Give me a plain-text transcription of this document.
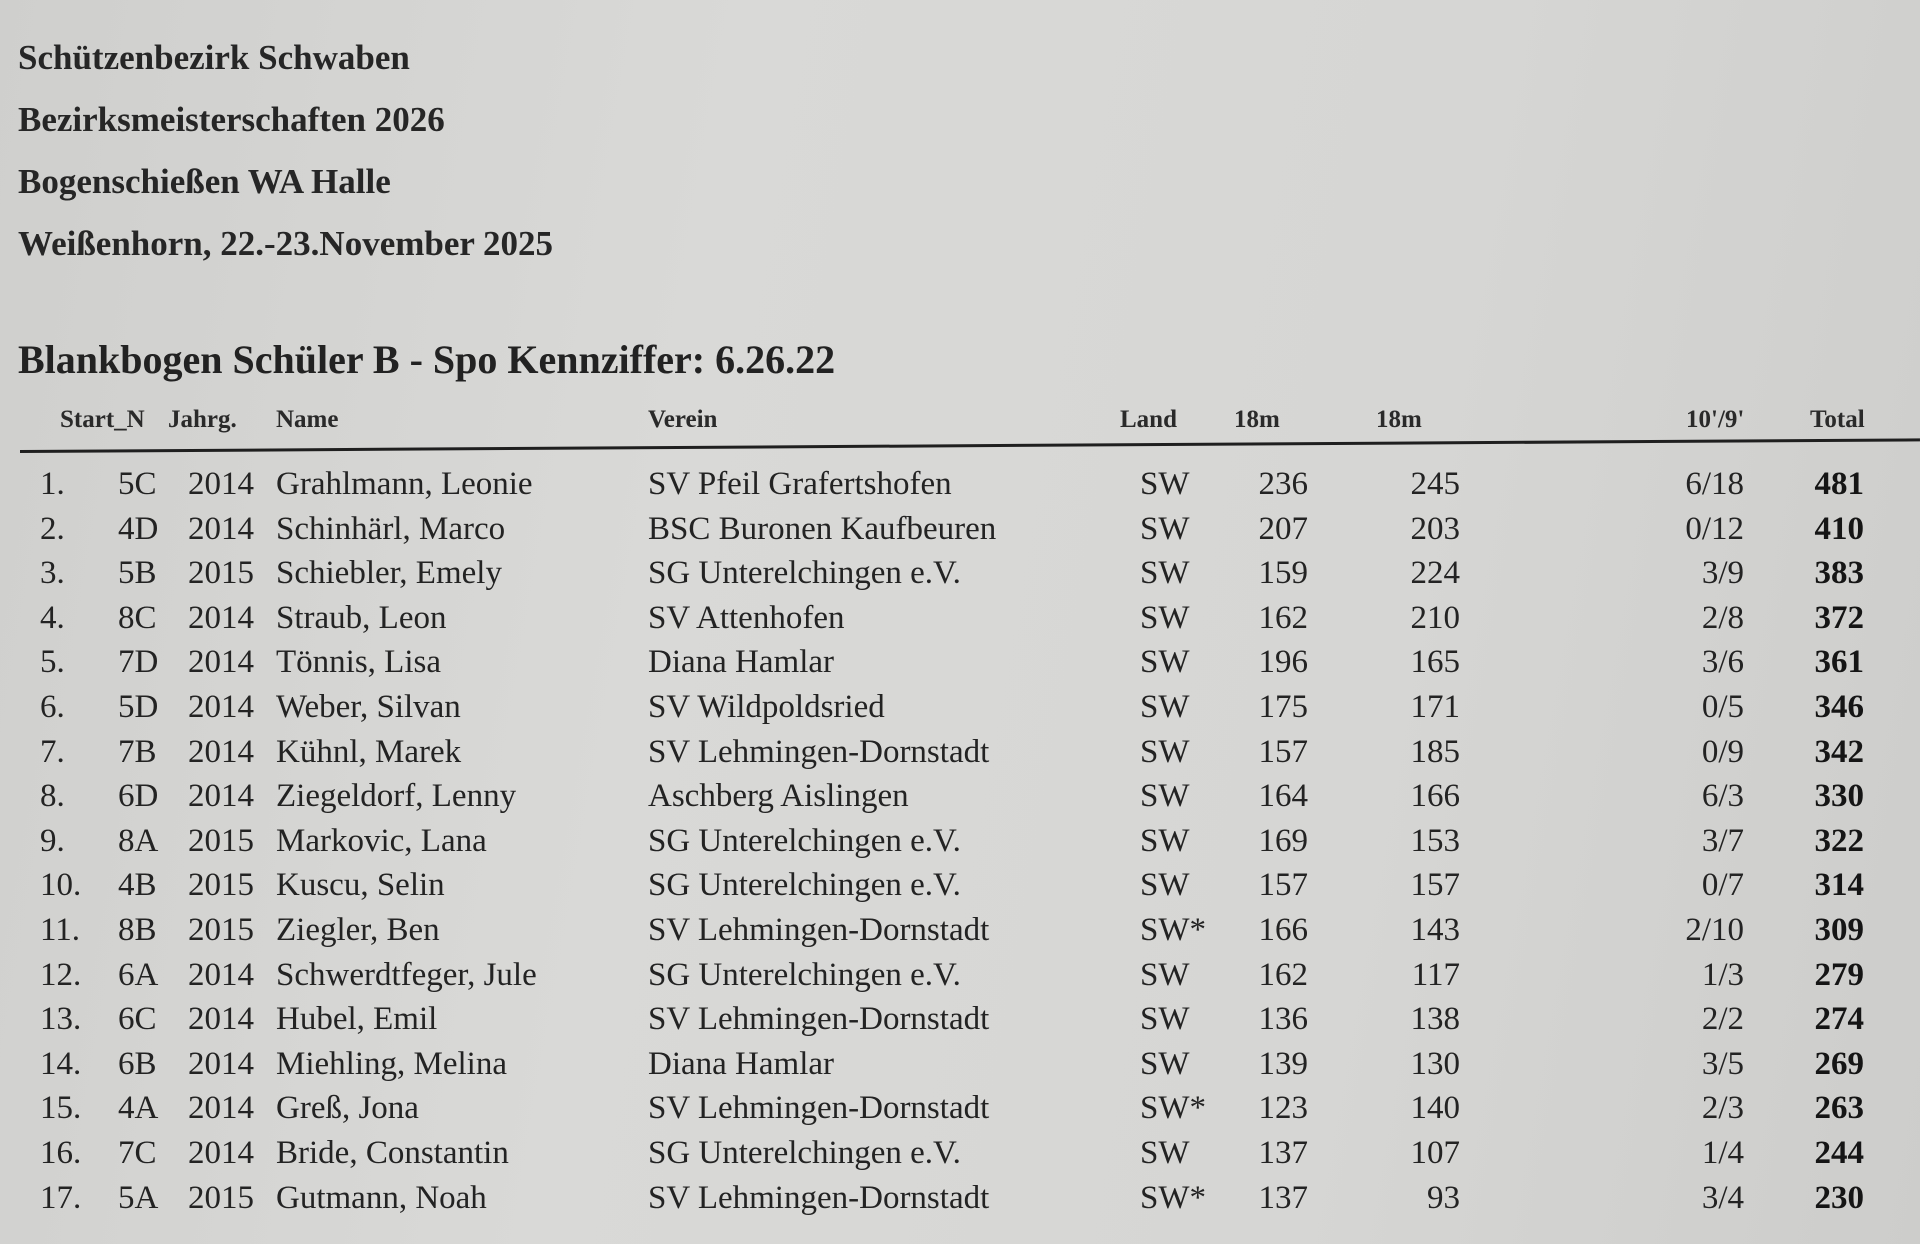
Schützenbezirk Schwaben
Bezirksmeisterschaften 2026
Bogenschießen WA Halle
Weißenhorn, 22.-23.November 2025
Blankbogen Schüler B - Spo Kennziffer: 6.26.22
Start_N Jahrg. Name	Verein	Land 18m	18m	10'/9'	Total
1.	5C 2014 Grahlmann, Leonie	SV Pfeil Grafertshofen	SW	236	245	6/18	481
2.	4D 2014 Schinhärl, Marco	BSC Buronen Kaufbeuren	SW	207	203	0/12	410
3.	5B 2015 Schiebler, Emely	SG Unterelchingen e.V.	SW	159	224	3/9	383
4.	8C 2014 Straub, Leon	SV Attenhofen	SW	162	210	2/8	372
5.	7D 2014 Tönnis, Lisa	Diana Hamlar	SW	196	165	3/6	361
6.	5D 2014 Weber, Silvan	SV Wildpoldsried	SW	175	171	0/5	346
7.	7B 2014 Kühnl, Marek	SV Lehmingen-Dornstadt	SW	157	185	0/9	342
8.	6D 2014 Ziegeldorf, Lenny	Aschberg Aislingen	SW	164	166	6/3	330
9.	8A 2015 Markovic, Lana	SG Unterelchingen e.V.	SW	169	153	3/7	322
10.	4B 2015 Kuscu, Selin	SG Unterelchingen e.V.	SW	157	157	0/7	314
11.	8B 2015 Ziegler, Ben	SV Lehmingen-Dornstadt	SW*	166	143	2/10	309
12.	6A 2014 Schwerdtfeger, Jule	SG Unterelchingen e.V.	SW	162	117	1/3	279
13.	6C 2014 Hubel, Emil	SV Lehmingen-Dornstadt	SW	136	138	2/2	274
14.	6B 2014 Miehling, Melina	Diana Hamlar	SW	139	130	3/5	269
15.	4A 2014 Greß, Jona	SV Lehmingen-Dornstadt	SW*	123	140	2/3	263
16.	7C 2014 Bride, Constantin	SG Unterelchingen e.V.	SW	137	107	1/4	244
17.	5A 2015 Gutmann, Noah	SV Lehmingen-Dornstadt	SW*	137	93	3/4	230
